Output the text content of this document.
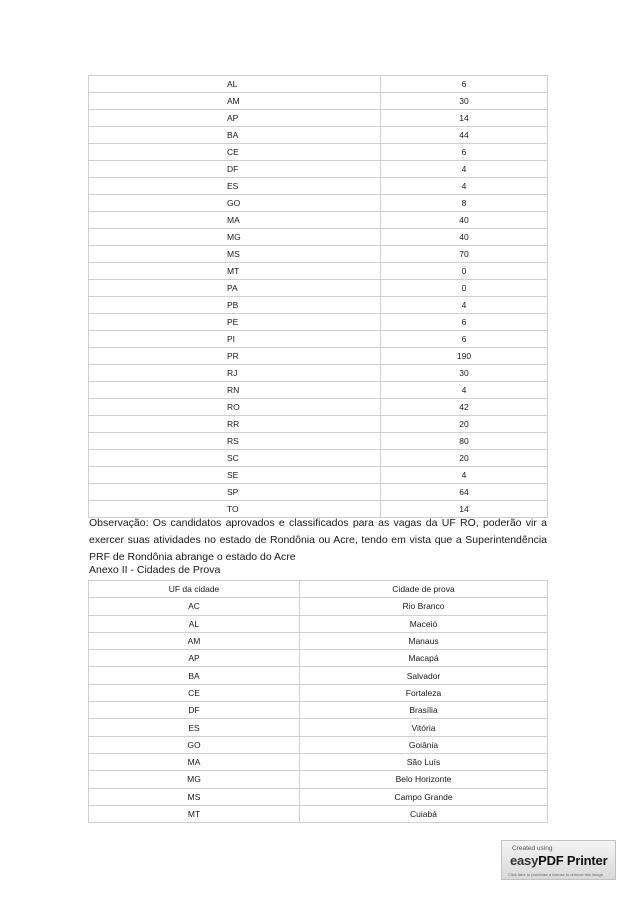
AL	6
AM	30
AP	14
BA	44
CE	6
DF	4
ES	4
GO	8
MA	40
MG	40
MS	70
MT	0
PA	0
PB	4
PE	6
PI	6
PR	190
RJ	30
RN	4
RO	42
RR	20
RS	80
SC	20
SE	4
SP	64
TO	14
Observação: Os candidatos aprovados e classificados para as vagas da UF RO, poderão vir a exercer suas atividades no estado de Rondônia ou Acre, tendo em vista que a Superintendência PRF de Rondônia abrange o estado do Acre
Anexo II - Cidades de Prova
UF da cidade	Cidade de prova
AC	Rio Branco
AL	Maceió
AM	Manaus
AP	Macapá
BA	Salvador
CE	Fortaleza
DF	Brasília
ES	Vitória
GO	Goiânia
MA	São Luís
MG	Belo Horizonte
MS	Campo Grande
MT	Cuiabá
Created using
easyPDF Printer
Click here to purchase a license to remove this image
